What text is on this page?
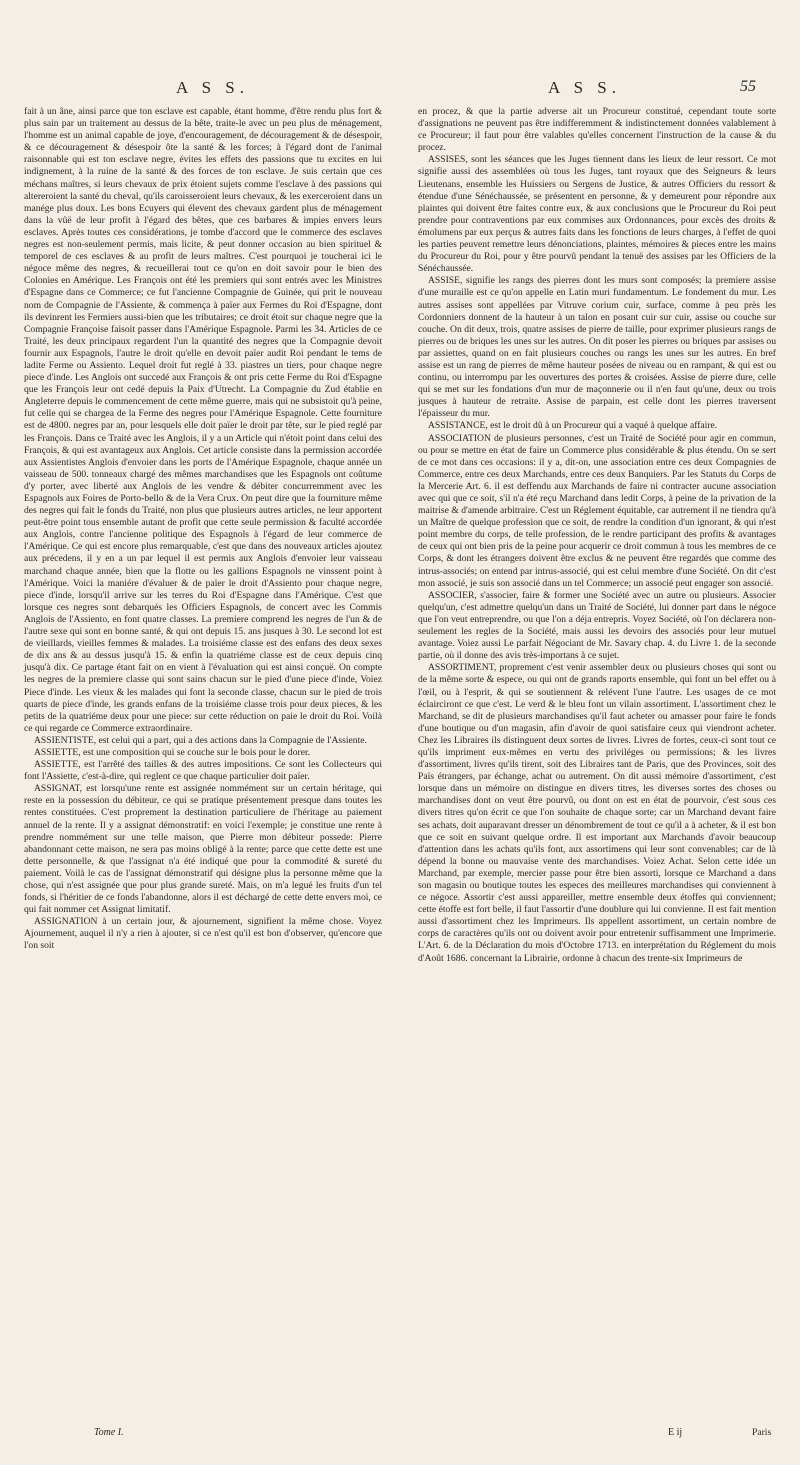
A S S.	A S S.	55

fait à un âne, ainsi parce que ton esclave est capable, étant homme, d'être rendu plus fort & plus sain par un traitement au dessus de la bête, traite-le avec un peu plus de ménagement, l'homme est un animal capable de joye, d'encouragement, de découragement & de désespoir, & ce découragement & désespoir ôte la santé & les forces; à l'égard dont de l'animal raisonnable qui est ton esclave negre, évites les effets des passions que tu excites en lui indignement, à la ruine de la santé & des forces de ton esclave. Je suis certain que ces méchans maîtres, si leurs chevaux de prix étoient sujets comme l'esclave à des passions qui altereroient la santé du cheval, qu'ils caroisseroient leurs chevaux, & les exerceroient dans un manége plus doux. Les bons Ecuyers qui élevent des chevaux gardent plus de ménagement dans la vûë de leur profit à l'égard des bêtes, que ces barbares & impies envers leurs esclaves. Après toutes ces considérations, je tombe d'accord que le commerce des esclaves negres est non-seulement permis, mais licite, & peut donner occasion au bien spirituel & temporel de ces esclaves & au profit de leurs maîtres. C'est pourquoi je toucherai ici le négoce même des negres, & recueillerai tout ce qu'on en doit savoir pour le bien des Colonies en Amérique. Les François ont été les premiers qui sont entrés avec les Ministres d'Espagne dans ce Commerce; ce fut l'ancienne Compagnie de Guinée, qui prit le nouveau nom de Compagnie de l'Assiente, & commença à païer aux Fermes du Roi d'Espagne, dont ils devinrent les Fermiers aussi-bien que les tributaires; ce droit étoit sur chaque negre que la Compagnie Françoise faisoit passer dans l'Amérique Espagnole. Parmi les 34. Articles de ce Traité, les deux principaux regardent l'un la quantité des negres que la Compagnie devoit fournir aux Espagnols, l'autre le droit qu'elle en devoit païer audit Roi pendant le tems de ladite Ferme ou Assiento. Lequel droit fut reglé à 33. piastres un tiers, pour chaque negre piece d'inde. Les Anglois ont succedé aux François & ont pris cette Ferme du Roi d'Espagne que les François leur ont cedé depuis la Paix d'Utrecht. La Compagnie du Zud établie en Angleterre depuis le commencement de cette même guerre, mais qui ne subsistoit qu'à peine, fut celle qui se chargea de la Ferme des negres pour l'Amérique Espagnole. Cette fourniture est de 4800. negres par an, pour lesquels elle doit païer le droit par tête, sur le pied reglé par les François. Dans ce Traité avec les Anglois, il y a un Article qui n'étoit point dans celui des François, & qui est avantageux aux Anglois. Cet article consiste dans la permission accordée aux Assientistes Anglois d'envoier dans les ports de l'Amérique Espagnole, chaque année un vaisseau de 500. tonneaux chargé des mêmes marchandises que les Espagnols ont coûtume d'y porter, avec liberté aux Anglois de les vendre & débiter concurremment avec les Espagnols aux Foires de Porto-bello & de la Vera Crux. On peut dire que la fourniture même des negres qui fait le fonds du Traité, non plus que plusieurs autres articles, ne leur apportent peut-être point tous ensemble autant de profit que cette seule permission & faculté accordée aux Anglois, contre l'ancienne politique des Espagnols à l'égard de leur commerce de l'Amérique. Ce qui est encore plus remarquable, c'est que dans des nouveaux articles ajoutez aux précedens, il y en a un par lequel il est permis aux Anglois d'envoier leur vaisseau marchand chaque année, bien que la flotte ou les gallions Espagnols ne vinssent point à l'Amérique. Voici la maniére d'évaluer & de païer le droit d'Assiento pour chaque negre, piece d'inde, lorsqu'il arrive sur les terres du Roi d'Espagne dans l'Amérique. C'est que lorsque ces negres sont debarqués les Officiers Espagnols, de concert avec les Commis Anglois de l'Assiento, en font quatre classes. La premiere comprend les negres de l'un & de l'autre sexe qui sont en bonne santé, & qui ont depuis 15. ans jusques à 30. Le second lot est de vieillards, vieilles femmes & malades. La troisiéme classe est des enfans des deux sexes de dix ans & au dessus jusqu'à 15. & enfin la quatriéme classe est de ceux depuis cinq jusqu'à dix. Ce partage étant fait on en vient à l'évaluation qui est ainsi conçuë. On compte les negres de la premiere classe qui sont sains chacun sur le pied d'une piece d'inde, Voiez Piece d'inde. Les vieux & les malades qui font la seconde classe, chacun sur le pied de trois quarts de piece d'inde, les grands enfans de la troisiéme classe trois pour deux pieces, & les petits de la quatriéme deux pour une piece: sur cette réduction on paie le droit du Roi. Voilà ce qui regarde ce Commerce extraordinaire.

ASSIENTISTE, est celui qui a part, qui a des actions dans la Compagnie de l'Assiente.

ASSIETTE, est une composition qui se couche sur le bois pour le dorer.

ASSIETTE, est l'arrêté des tailles & des autres impositions. Ce sont les Collecteurs qui font l'Assiette, c'est-à-dire, qui reglent ce que chaque particulier doit païer.

ASSIGNAT, est lorsqu'une rente est assignée nommément sur un certain héritage, qui reste en la possession du débiteur, ce qui se pratique présentement presque dans toutes les rentes constituées. C'est proprement la destination particuliere de l'héritage au paiement annuel de la rente. Il y a assignat démonstratif: en voici l'exemple; je constitue une rente à prendre nommément sur une telle maison, que Pierre mon débiteur possede: Pierre abandonnant cette maison, ne sera pas moins obligé à la rente; parce que cette dette est une dette personnelle, & que l'assignat n'a été indiqué que pour la commodité & sureté du paiement. Voilà le cas de l'assignat démonstratif qui désigne plus la personne même que la chose, qui n'est assignée que pour plus grande sureté. Mais, on m'a legué les fruits d'un tel fonds, si l'héritier de ce fonds l'abandonne, alors il est déchargé de cette dette envers moi, ce qui fait nommer cet Assignat limitatif.

ASSIGNATION à un certain jour, & ajournement, signifient la même chose. Voyez Ajournement, auquel il n'y a rien à ajouter, si ce n'est qu'il est bon d'observer, qu'encore que l'on soit

en procez, & que la partie adverse ait un Procureur constitué, cependant toute sorte d'assignations ne peuvent pas être indifferemment & indistinctement données valablement à ce Procureur; il faut pour être valables qu'elles concernent l'instruction de la cause & du procez.

ASSISES, sont les séances que les Juges tiennent dans les lieux de leur ressort. Ce mot signifie aussi des assemblées où tous les Juges, tant royaux que des Seigneurs & leurs Lieutenans, ensemble les Huissiers ou Sergens de Justice, & autres Officiers du ressort & étendue d'une Sénéchaussée, se présentent en personne, & y demeurent pour répondre aux plaintes qui doivent être faites contre eux, & aux conclusions que le Procureur du Roi peut prendre pour contraventions par eux commises aux Ordonnances, pour excès des droits & émolumens par eux perçus & autres faits dans les fonctions de leurs charges, à l'effet de quoi les parties peuvent remettre leurs dénonciations, plaintes, mémoires & pieces entre les mains du Procureur du Roi, pour y être pourvû pendant la tenuë des assises par les Officiers de la Sénéchaussée.

ASSISE, signifie les rangs des pierres dont les murs sont composés; la premiere assise d'une muraille est ce qu'on appelle en Latin muri fundamentum. Le fondement du mur. Les autres assises sont appellées par Vitruve corium cuir, surface, comme à peu près les Cordonniers donnent de la hauteur à un talon en posant cuir sur cuir, assise ou couche sur couche. On dit deux, trois, quatre assises de pierre de taille, pour exprimer plusieurs rangs de pierres ou de briques les unes sur les autres. On dit poser les pierres ou briques par assises ou par assiettes, quand on en fait plusieurs couches ou rangs les unes sur les autres. En bref assise est un rang de pierres de même hauteur posées de niveau ou en rampant, & qui est ou continu, ou interrompu par les ouvertures des portes & croisées. Assise de pierre dure, celle qui se met sur les fondations d'un mur de maçonnerie ou il n'en faut qu'une, deux ou trois jusques à hauteur de retraite. Assise de parpain, est celle dont les pierres traversent l'épaisseur du mur.

ASSISTANCE, est le droit dû à un Procureur qui a vaqué à quelque affaire.

ASSOCIATION de plusieurs personnes, c'est un Traité de Société pour agir en commun, ou pour se mettre en état de faire un Commerce plus considérable & plus étendu. On se sert de ce mot dans ces occasions: il y a, dit-on, une association entre ces deux Compagnies de Commerce, entre ces deux Marchands, entre ces deux Banquiers. Par les Statuts du Corps de la Mercerie Art. 6. il est deffendu aux Marchands de faire ni contracter aucune association avec qui que ce soit, s'il n'a été reçu Marchand dans ledit Corps, à peine de la privation de la maitrise & d'amende arbitraire. C'est un Réglement équitable, car autrement il ne tiendra qu'à un Maître de quelque profession que ce soit, de rendre la condition d'un ignorant, & qui n'est point membre du corps, de telle profession, de le rendre participant des profits & avantages de ceux qui ont bien pris de la peine pour acquerir ce droit commun à tous les membres de ce Corps, & dont les étrangers doivent être exclus & ne peuvent être regardés que comme des intrus-associés; on entend par intrus-associé, qui est celui membre d'une Société. On dit c'est mon associé, je suis son associé dans un tel Commerce; un associé peut engager son associé.

ASSOCIER, s'associer, faire & former une Société avec un autre ou plusieurs. Associer quelqu'un, c'est admettre quelqu'un dans un Traité de Société, lui donner part dans le négoce que l'on veut entreprendre, ou que l'on a déja entrepris. Voyez Société, où l'on déclarera non-seulement les regles de la Société, mais aussi les devoirs des associés pour leur mutuel avantage. Voiez aussi Le parfait Négociant de Mr. Savary chap. 4. du Livre 1. de la seconde partie, où il donne des avis très-importans à ce sujet.

ASSORTIMENT, proprement c'est venir assembler deux ou plusieurs choses qui sont ou de la même sorte & espece, ou qui ont de grands raports ensemble, qui font un bel effet ou à l'œil, ou à l'esprit, & qui se soutiennent & relévent l'une l'autre. Les usages de ce mot éclairciront ce que c'est. Le verd & le bleu font un vilain assortiment. L'assortiment chez le Marchand, se dit de plusieurs marchandises qu'il faut acheter ou amasser pour faire le fonds d'une boutique ou d'un magasin, afin d'avoir de quoi satisfaire ceux qui viendront acheter. Chez les Libraires ils distinguent deux sortes de livres. Livres de fortes, ceux-ci sont tout ce qu'ils impriment eux-mêmes en vertu des priviléges ou permissions; & les livres d'assortiment, livres qu'ils tirent, soit des Libraires tant de Paris, que des Provinces, soit des Païs étrangers, par échange, achat ou autrement. On dit aussi mémoire d'assortiment, c'est lorsque dans un mémoire on distingue en divers titres, les diverses sortes des choses ou marchandises dont on veut être pourvû, ou dont on est en état de pourvoir, c'est sous ces divers titres qu'on écrit ce que l'on souhaite de chaque sorte; car un Marchand devant faire ses achats, doit auparavant dresser un dénombrement de tout ce qu'il a à acheter, & il est bon que ce soit en suivant quelque ordre. Il est important aux Marchands d'avoir beaucoup d'attention dans les achats qu'ils font, aux assortimens qui leur sont convenables; car de là dépend la bonne ou mauvaise vente des marchandises. Voiez Achat. Selon cette idée un Marchand, par exemple, mercier passe pour être bien assorti, lorsque ce Marchand a dans son magasin ou boutique toutes les especes des meilleures marchandises qui conviennent à ce négoce. Assortir c'est aussi appareiller, mettre ensemble deux étoffes qui conviennent; cette étoffe est fort belle, il faut l'assortir d'une doublure qui lui convienne. Il est fait mention aussi d'assortiment chez les Imprimeurs. Ils appellent assortiment, un certain nombre de corps de caractères qu'ils ont ou doivent avoir pour entretenir suffisamment une Imprimerie. L'Art. 6. de la Déclaration du mois d'Octobre 1713. en interprétation du Réglement du mois d'Août 1686. concernant la Librairie, ordonne à chacun des trente-six Imprimeurs de

Tome I.	E ij	Paris
